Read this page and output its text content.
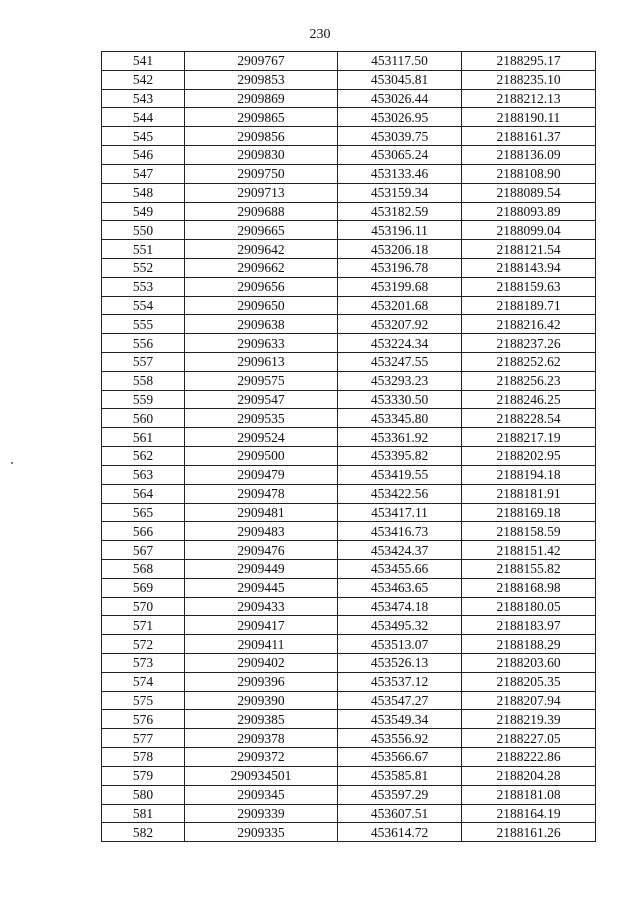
230
541	2909767	453117.50	2188295.17
542	2909853	453045.81	2188235.10
543	2909869	453026.44	2188212.13
544	2909865	453026.95	2188190.11
545	2909856	453039.75	2188161.37
546	2909830	453065.24	2188136.09
547	2909750	453133.46	2188108.90
548	2909713	453159.34	2188089.54
549	2909688	453182.59	2188093.89
550	2909665	453196.11	2188099.04
551	2909642	453206.18	2188121.54
552	2909662	453196.78	2188143.94
553	2909656	453199.68	2188159.63
554	2909650	453201.68	2188189.71
555	2909638	453207.92	2188216.42
556	2909633	453224.34	2188237.26
557	2909613	453247.55	2188252.62
558	2909575	453293.23	2188256.23
559	2909547	453330.50	2188246.25
560	2909535	453345.80	2188228.54
561	2909524	453361.92	2188217.19
562	2909500	453395.82	2188202.95
563	2909479	453419.55	2188194.18
564	2909478	453422.56	2188181.91
565	2909481	453417.11	2188169.18
566	2909483	453416.73	2188158.59
567	2909476	453424.37	2188151.42
568	2909449	453455.66	2188155.82
569	2909445	453463.65	2188168.98
570	2909433	453474.18	2188180.05
571	2909417	453495.32	2188183.97
572	2909411	453513.07	2188188.29
573	2909402	453526.13	2188203.60
574	2909396	453537.12	2188205.35
575	2909390	453547.27	2188207.94
576	2909385	453549.34	2188219.39
577	2909378	453556.92	2188227.05
578	2909372	453566.67	2188222.86
579	290934501	453585.81	2188204.28
580	2909345	453597.29	2188181.08
581	2909339	453607.51	2188164.19
582	2909335	453614.72	2188161.26
